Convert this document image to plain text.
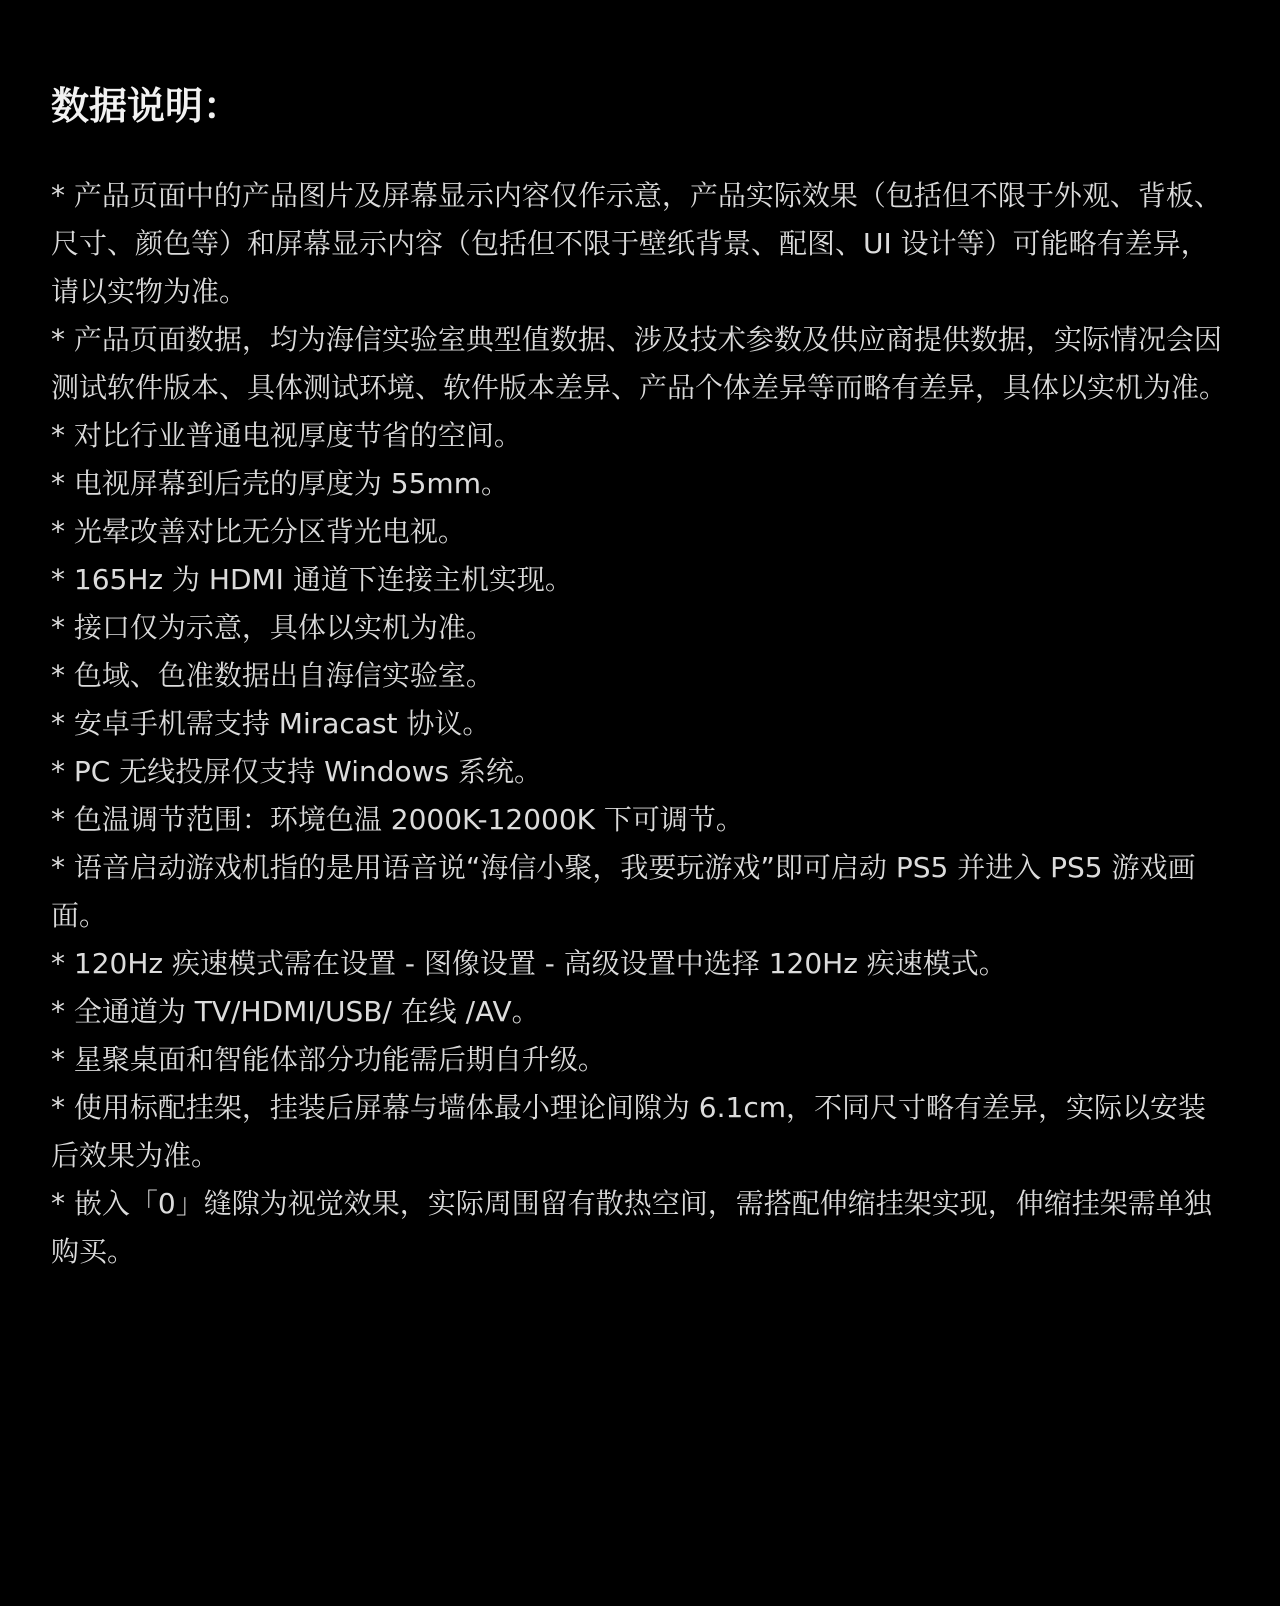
数据说明：
* 产品页面中的产品图片及屏幕显示内容仅作示意，产品实际效果（包括但不限于外观、背板、尺寸、颜色等）和屏幕显示内容（包括但不限于壁纸背景、配图、UI 设计等）可能略有差异，请以实物为准。
* 产品页面数据，均为海信实验室典型值数据、涉及技术参数及供应商提供数据，实际情况会因测试软件版本、具体测试环境、软件版本差异、产品个体差异等而略有差异，具体以实机为准。
* 对比行业普通电视厚度节省的空间。
* 电视屏幕到后壳的厚度为 55mm。
* 光晕改善对比无分区背光电视。
* 165Hz 为 HDMI 通道下连接主机实现。
* 接口仅为示意，具体以实机为准。
* 色域、色准数据出自海信实验室。
* 安卓手机需支持 Miracast 协议。
* PC 无线投屏仅支持 Windows 系统。
* 色温调节范围：环境色温 2000K-12000K 下可调节。
* 语音启动游戏机指的是用语音说“海信小聚，我要玩游戏”即可启动 PS5 并进入 PS5 游戏画面。
* 120Hz 疾速模式需在设置 - 图像设置 - 高级设置中选择 120Hz 疾速模式。
* 全通道为 TV/HDMI/USB/ 在线 /AV。
* 星聚桌面和智能体部分功能需后期自升级。
* 使用标配挂架，挂装后屏幕与墙体最小理论间隙为 6.1cm，不同尺寸略有差异，实际以安装后效果为准。
* 嵌入「0」缝隙为视觉效果，实际周围留有散热空间，需搭配伸缩挂架实现，伸缩挂架需单独购买。
